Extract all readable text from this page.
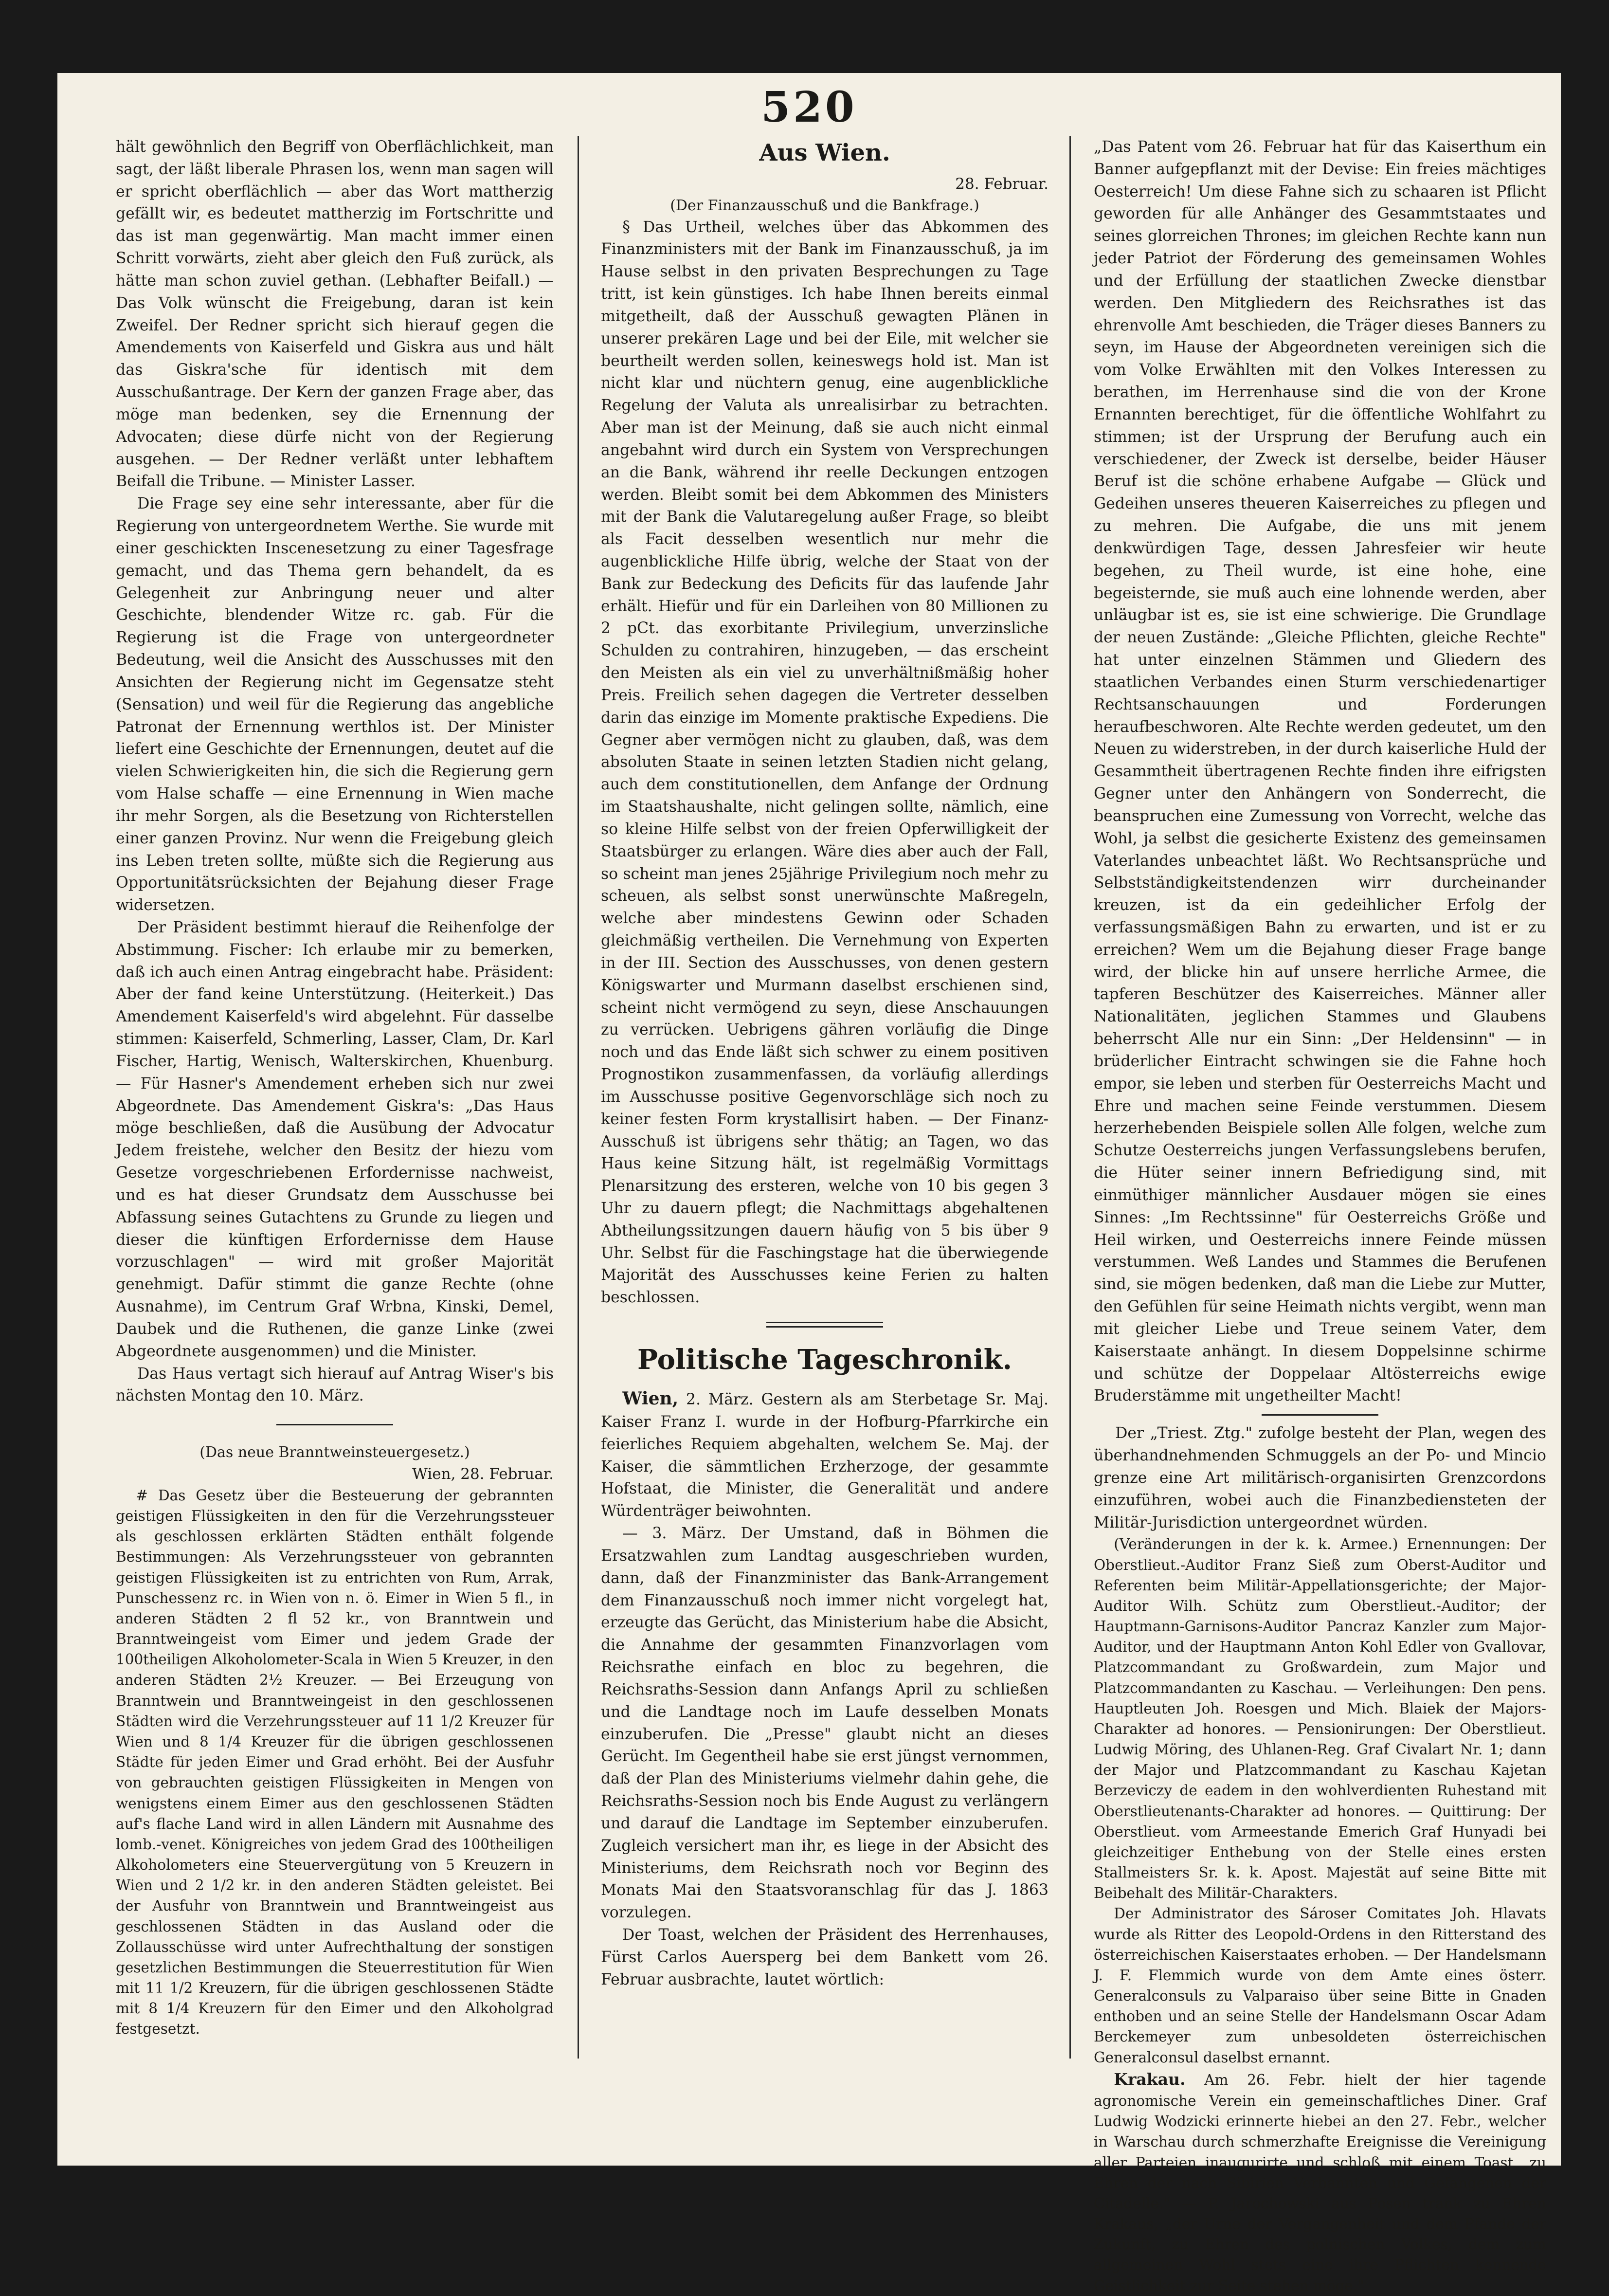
520

hält gewöhnlich den Begriff von Oberflächlichkeit, man sagt, der läßt liberale Phrasen los, wenn man sagen will er spricht oberflächlich — aber das Wort mattherzig gefällt wir, es bedeutet mattherzig im Fortschritte und das ist man gegenwärtig. Man macht immer einen Schritt vorwärts, zieht aber gleich den Fuß zurück, als hätte man schon zuviel gethan. (Lebhafter Beifall.) — Das Volk wünscht die Freigebung, daran ist kein Zweifel. Der Redner spricht sich hierauf gegen die Amendements von Kaiserfeld und Giskra aus und hält das Giskra'sche für identisch mit dem Ausschußantrage. Der Kern der ganzen Frage aber, das möge man bedenken, sey die Ernennung der Advocaten; diese dürfe nicht von der Regierung ausgehen. — Der Redner verläßt unter lebhaftem Beifall die Tribune. — Minister Lasser.

Die Frage sey eine sehr interessante, aber für die Regierung von untergeordnetem Werthe. Sie wurde mit einer geschickten Inscenesetzung zu einer Tagesfrage gemacht, und das Thema gern behandelt, da es Gelegenheit zur Anbringung neuer und alter Geschichte, blendender Witze rc. gab. Für die Regierung ist die Frage von untergeordneter Bedeutung, weil die Ansicht des Ausschusses mit den Ansichten der Regierung nicht im Gegensatze steht (Sensation) und weil für die Regierung das angebliche Patronat der Ernennung werthlos ist. Der Minister liefert eine Geschichte der Ernennungen, deutet auf die vielen Schwierigkeiten hin, die sich die Regierung gern vom Halse schaffe — eine Ernennung in Wien mache ihr mehr Sorgen, als die Besetzung von Richterstellen einer ganzen Provinz. Nur wenn die Freigebung gleich ins Leben treten sollte, müßte sich die Regierung aus Opportunitätsrücksichten der Bejahung dieser Frage widersetzen.

Der Präsident bestimmt hierauf die Reihenfolge der Abstimmung. Fischer: Ich erlaube mir zu bemerken, daß ich auch einen Antrag eingebracht habe. Präsident: Aber der fand keine Unterstützung. (Heiterkeit.) Das Amendement Kaiserfeld's wird abgelehnt. Für dasselbe stimmen: Kaiserfeld, Schmerling, Lasser, Clam, Dr. Karl Fischer, Hartig, Wenisch, Walterskirchen, Khuenburg. — Für Hasner's Amendement erheben sich nur zwei Abgeordnete. Das Amendement Giskra's: „Das Haus möge beschließen, daß die Ausübung der Advocatur Jedem freistehe, welcher den Besitz der hiezu vom Gesetze vorgeschriebenen Erfordernisse nachweist, und es hat dieser Grundsatz dem Ausschusse bei Abfassung seines Gutachtens zu Grunde zu liegen und dieser die künftigen Erfordernisse dem Hause vorzuschlagen" — wird mit großer Majorität genehmigt. Dafür stimmt die ganze Rechte (ohne Ausnahme), im Centrum Graf Wrbna, Kinski, Demel, Daubek und die Ruthenen, die ganze Linke (zwei Abgeordnete ausgenommen) und die Minister.

Das Haus vertagt sich hierauf auf Antrag Wiser's bis nächsten Montag den 10. März.

(Das neue Branntweinsteuergesetz.)

Wien, 28. Februar.

# Das Gesetz über die Besteuerung der gebrannten geistigen Flüssigkeiten in den für die Verzehrungssteuer als geschlossen erklärten Städten enthält folgende Bestimmungen: Als Verzehrungssteuer von gebrannten geistigen Flüssigkeiten ist zu entrichten von Rum, Arrak, Punschessenz rc. in Wien von n. ö. Eimer in Wien 5 fl., in anderen Städten 2 fl 52 kr., von Branntwein und Branntweingeist vom Eimer und jedem Grade der 100theiligen Alkoholometer-Scala in Wien 5 Kreuzer, in den anderen Städten 2½ Kreuzer. — Bei Erzeugung von Branntwein und Branntweingeist in den geschlossenen Städten wird die Verzehrungssteuer auf 11 1/2 Kreuzer für Wien und 8 1/4 Kreuzer für die übrigen geschlossenen Städte für jeden Eimer und Grad erhöht. Bei der Ausfuhr von gebrauchten geistigen Flüssigkeiten in Mengen von wenigstens einem Eimer aus den geschlossenen Städten auf's flache Land wird in allen Ländern mit Ausnahme des lomb.-venet. Königreiches von jedem Grad des 100theiligen Alkoholometers eine Steuervergütung von 5 Kreuzern in Wien und 2 1/2 kr. in den anderen Städten geleistet. Bei der Ausfuhr von Branntwein und Branntweingeist aus geschlossenen Städten in das Ausland oder die Zollausschüsse wird unter Aufrechthaltung der sonstigen gesetzlichen Bestimmungen die Steuerrestitution für Wien mit 11 1/2 Kreuzern, für die übrigen geschlossenen Städte mit 8 1/4 Kreuzern für den Eimer und den Alkoholgrad festgesetzt.

Aus Wien.

28. Februar.

(Der Finanzausschuß und die Bankfrage.)

§ Das Urtheil, welches über das Abkommen des Finanzministers mit der Bank im Finanzausschuß, ja im Hause selbst in den privaten Besprechungen zu Tage tritt, ist kein günstiges. Ich habe Ihnen bereits einmal mitgetheilt, daß der Ausschuß gewagten Plänen in unserer prekären Lage und bei der Eile, mit welcher sie beurtheilt werden sollen, keineswegs hold ist. Man ist nicht klar und nüchtern genug, eine augenblickliche Regelung der Valuta als unrealisirbar zu betrachten. Aber man ist der Meinung, daß sie auch nicht einmal angebahnt wird durch ein System von Versprechungen an die Bank, während ihr reelle Deckungen entzogen werden. Bleibt somit bei dem Abkommen des Ministers mit der Bank die Valutaregelung außer Frage, so bleibt als Facit desselben wesentlich nur mehr die augenblickliche Hilfe übrig, welche der Staat von der Bank zur Bedeckung des Deficits für das laufende Jahr erhält. Hiefür und für ein Darleihen von 80 Millionen zu 2 pCt. das exorbitante Privilegium, unverzinsliche Schulden zu contrahiren, hinzugeben, — das erscheint den Meisten als ein viel zu unverhältnißmäßig hoher Preis. Freilich sehen dagegen die Vertreter desselben darin das einzige im Momente praktische Expediens. Die Gegner aber vermögen nicht zu glauben, daß, was dem absoluten Staate in seinen letzten Stadien nicht gelang, auch dem constitutionellen, dem Anfange der Ordnung im Staatshaushalte, nicht gelingen sollte, nämlich, eine so kleine Hilfe selbst von der freien Opferwilligkeit der Staatsbürger zu erlangen. Wäre dies aber auch der Fall, so scheint man jenes 25jährige Privilegium noch mehr zu scheuen, als selbst sonst unerwünschte Maßregeln, welche aber mindestens Gewinn oder Schaden gleichmäßig vertheilen. Die Vernehmung von Experten in der III. Section des Ausschusses, von denen gestern Königswarter und Murmann daselbst erschienen sind, scheint nicht vermögend zu seyn, diese Anschauungen zu verrücken. Uebrigens gähren vorläufig die Dinge noch und das Ende läßt sich schwer zu einem positiven Prognostikon zusammenfassen, da vorläufig allerdings im Ausschusse positive Gegenvorschläge sich noch zu keiner festen Form krystallisirt haben. — Der Finanz-Ausschuß ist übrigens sehr thätig; an Tagen, wo das Haus keine Sitzung hält, ist regelmäßig Vormittags Plenarsitzung des ersteren, welche von 10 bis gegen 3 Uhr zu dauern pflegt; die Nachmittags abgehaltenen Abtheilungssitzungen dauern häufig von 5 bis über 9 Uhr. Selbst für die Faschingstage hat die überwiegende Majorität des Ausschusses keine Ferien zu halten beschlossen.

Politische Tageschronik.

Wien, 2. März. Gestern als am Sterbetage Sr. Maj. Kaiser Franz I. wurde in der Hofburg-Pfarrkirche ein feierliches Requiem abgehalten, welchem Se. Maj. der Kaiser, die sämmtlichen Erzherzoge, der gesammte Hofstaat, die Minister, die Generalität und andere Würdenträger beiwohnten.

— 3. März. Der Umstand, daß in Böhmen die Ersatzwahlen zum Landtag ausgeschrieben wurden, dann, daß der Finanzminister das Bank-Arrangement dem Finanzausschuß noch immer nicht vorgelegt hat, erzeugte das Gerücht, das Ministerium habe die Absicht, die Annahme der gesammten Finanzvorlagen vom Reichsrathe einfach en bloc zu begehren, die Reichsraths-Session dann Anfangs April zu schließen und die Landtage noch im Laufe desselben Monats einzuberufen. Die „Presse" glaubt nicht an dieses Gerücht. Im Gegentheil habe sie erst jüngst vernommen, daß der Plan des Ministeriums vielmehr dahin gehe, die Reichsraths-Session noch bis Ende August zu verlängern und darauf die Landtage im September einzuberufen. Zugleich versichert man ihr, es liege in der Absicht des Ministeriums, dem Reichsrath noch vor Beginn des Monats Mai den Staatsvoranschlag für das J. 1863 vorzulegen.

Der Toast, welchen der Präsident des Herrenhauses, Fürst Carlos Auersperg bei dem Bankett vom 26. Februar ausbrachte, lautet wörtlich:

„Das Patent vom 26. Februar hat für das Kaiserthum ein Banner aufgepflanzt mit der Devise: Ein freies mächtiges Oesterreich! Um diese Fahne sich zu schaaren ist Pflicht geworden für alle Anhänger des Gesammtstaates und seines glorreichen Thrones; im gleichen Rechte kann nun jeder Patriot der Förderung des gemeinsamen Wohles und der Erfüllung der staatlichen Zwecke dienstbar werden. Den Mitgliedern des Reichsrathes ist das ehrenvolle Amt beschieden, die Träger dieses Banners zu seyn, im Hause der Abgeordneten vereinigen sich die vom Volke Erwählten mit den Volkes Interessen zu berathen, im Herrenhause sind die von der Krone Ernannten berechtiget, für die öffentliche Wohlfahrt zu stimmen; ist der Ursprung der Berufung auch ein verschiedener, der Zweck ist derselbe, beider Häuser Beruf ist die schöne erhabene Aufgabe — Glück und Gedeihen unseres theueren Kaiserreiches zu pflegen und zu mehren. Die Aufgabe, die uns mit jenem denkwürdigen Tage, dessen Jahresfeier wir heute begehen, zu Theil wurde, ist eine hohe, eine begeisternde, sie muß auch eine lohnende werden, aber unläugbar ist es, sie ist eine schwierige. Die Grundlage der neuen Zustände: „Gleiche Pflichten, gleiche Rechte" hat unter einzelnen Stämmen und Gliedern des staatlichen Verbandes einen Sturm verschiedenartiger Rechtsanschauungen und Forderungen heraufbeschworen. Alte Rechte werden gedeutet, um den Neuen zu widerstreben, in der durch kaiserliche Huld der Gesammtheit übertragenen Rechte finden ihre eifrigsten Gegner unter den Anhängern von Sonderrecht, die beanspruchen eine Zumessung von Vorrecht, welche das Wohl, ja selbst die gesicherte Existenz des gemeinsamen Vaterlandes unbeachtet läßt. Wo Rechtsansprüche und Selbstständigkeitstendenzen wirr durcheinander kreuzen, ist da ein gedeihlicher Erfolg der verfassungsmäßigen Bahn zu erwarten, und ist er zu erreichen? Wem um die Bejahung dieser Frage bange wird, der blicke hin auf unsere herrliche Armee, die tapferen Beschützer des Kaiserreiches. Männer aller Nationalitäten, jeglichen Stammes und Glaubens beherrscht Alle nur ein Sinn: „Der Heldensinn" — in brüderlicher Eintracht schwingen sie die Fahne hoch empor, sie leben und sterben für Oesterreichs Macht und Ehre und machen seine Feinde verstummen. Diesem herzerhebenden Beispiele sollen Alle folgen, welche zum Schutze Oesterreichs jungen Verfassungslebens berufen, die Hüter seiner innern Befriedigung sind, mit einmüthiger männlicher Ausdauer mögen sie eines Sinnes: „Im Rechtssinne" für Oesterreichs Größe und Heil wirken, und Oesterreichs innere Feinde müssen verstummen. Weß Landes und Stammes die Berufenen sind, sie mögen bedenken, daß man die Liebe zur Mutter, den Gefühlen für seine Heimath nichts vergibt, wenn man mit gleicher Liebe und Treue seinem Vater, dem Kaiserstaate anhängt. In diesem Doppelsinne schirme und schütze der Doppelaar Altösterreichs ewige Bruderstämme mit ungetheilter Macht!

Der „Triest. Ztg." zufolge besteht der Plan, wegen des überhandnehmenden Schmuggels an der Po- und Mincio grenze eine Art militärisch-organisirten Grenzcordons einzuführen, wobei auch die Finanzbediensteten der Militär-Jurisdiction untergeordnet würden.

(Veränderungen in der k. k. Armee.) Ernennungen: Der Oberstlieut.-Auditor Franz Sieß zum Oberst-Auditor und Referenten beim Militär-Appellationsgerichte; der Major-Auditor Wilh. Schütz zum Oberstlieut.-Auditor; der Hauptmann-Garnisons-Auditor Pancraz Kanzler zum Major-Auditor, und der Hauptmann Anton Kohl Edler von Gvallovar, Platzcommandant zu Großwardein, zum Major und Platzcommandanten zu Kaschau. — Verleihungen: Den pens. Hauptleuten Joh. Roesgen und Mich. Blaiek der Majors-Charakter ad honores. — Pensionirungen: Der Oberstlieut. Ludwig Möring, des Uhlanen-Reg. Graf Civalart Nr. 1; dann der Major und Platzcommandant zu Kaschau Kajetan Berzeviczy de eadem in den wohlverdienten Ruhestand mit Oberstlieutenants-Charakter ad honores. — Quittirung: Der Oberstlieut. vom Armeestande Emerich Graf Hunyadi bei gleichzeitiger Enthebung von der Stelle eines ersten Stallmeisters Sr. k. k. Apost. Majestät auf seine Bitte mit Beibehalt des Militär-Charakters.

Der Administrator des Sároser Comitates Joh. Hlavats wurde als Ritter des Leopold-Ordens in den Ritterstand des österreichischen Kaiserstaates erhoben. — Der Handelsmann J. F. Flemmich wurde von dem Amte eines österr. Generalconsuls zu Valparaiso über seine Bitte in Gnaden enthoben und an seine Stelle der Handelsmann Oscar Adam Berckemeyer zum unbesoldeten österreichischen Generalconsul daselbst ernannt.

Krakau. Am 26. Febr. hielt der hier tagende agronomische Verein ein gemeinschaftliches Diner. Graf Ludwig Wodzicki erinnerte hiebei an den 27. Febr., welcher in Warschau durch schmerzhafte Ereignisse die Vereinigung aller Parteien inaugurirte und schloß mit einem Toast „zu Ehren der nach Sibirien Verbannten und Gefangenen der Citadelle." — P. Jarochowski aus Posen trank zu Ehren Krakaus, „der Urne der Vergangenheit und dem Pfande der Zukunft, zu Ehren des polnischen Volkes, dem zum allgemeinen Wohl stets eine ihre Pflichten kennende Geistlichkeit zur Seite stehen möge."
